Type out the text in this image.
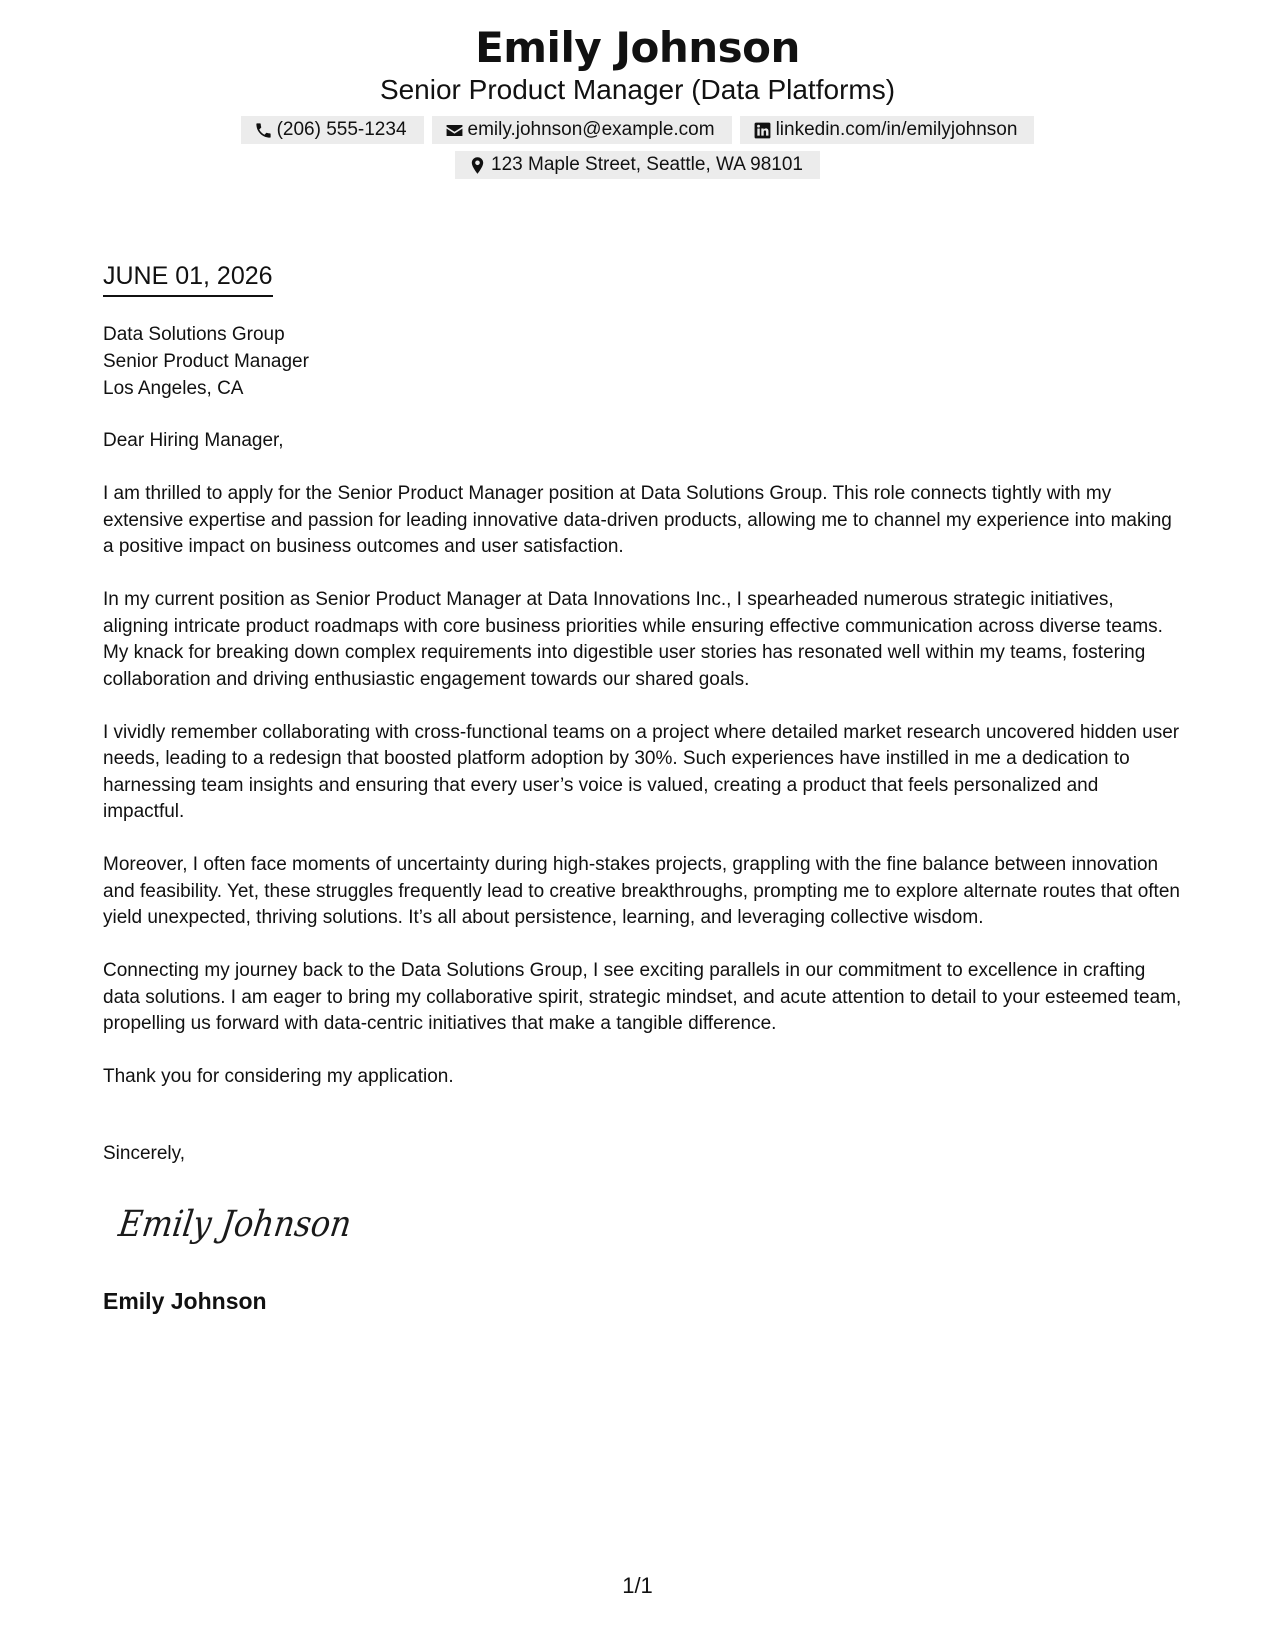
Emily Johnson
Senior Product Manager (Data Platforms)
(206) 555-1234	emily.johnson@example.com	linkedin.com/in/emilyjohnson
123 Maple Street, Seattle, WA 98101
JUNE 01, 2026
Data Solutions Group
Senior Product Manager
Los Angeles, CA

Dear Hiring Manager,

I am thrilled to apply for the Senior Product Manager position at Data Solutions Group. This role connects tightly with my extensive expertise and passion for leading innovative data-driven products, allowing me to channel my experience into making a positive impact on business outcomes and user satisfaction.

In my current position as Senior Product Manager at Data Innovations Inc., I spearheaded numerous strategic initiatives, aligning intricate product roadmaps with core business priorities while ensuring effective communication across diverse teams. My knack for breaking down complex requirements into digestible user stories has resonated well within my teams, fostering collaboration and driving enthusiastic engagement towards our shared goals.

I vividly remember collaborating with cross-functional teams on a project where detailed market research uncovered hidden user needs, leading to a redesign that boosted platform adoption by 30%. Such experiences have instilled in me a dedication to harnessing team insights and ensuring that every user’s voice is valued, creating a product that feels personalized and impactful.

Moreover, I often face moments of uncertainty during high-stakes projects, grappling with the fine balance between innovation and feasibility. Yet, these struggles frequently lead to creative breakthroughs, prompting me to explore alternate routes that often yield unexpected, thriving solutions. It’s all about persistence, learning, and leveraging collective wisdom.

Connecting my journey back to the Data Solutions Group, I see exciting parallels in our commitment to excellence in crafting data solutions. I am eager to bring my collaborative spirit, strategic mindset, and acute attention to detail to your esteemed team, propelling us forward with data-centric initiatives that make a tangible difference.

Thank you for considering my application.

Sincerely,
Emily Johnson
Emily Johnson
1/1
